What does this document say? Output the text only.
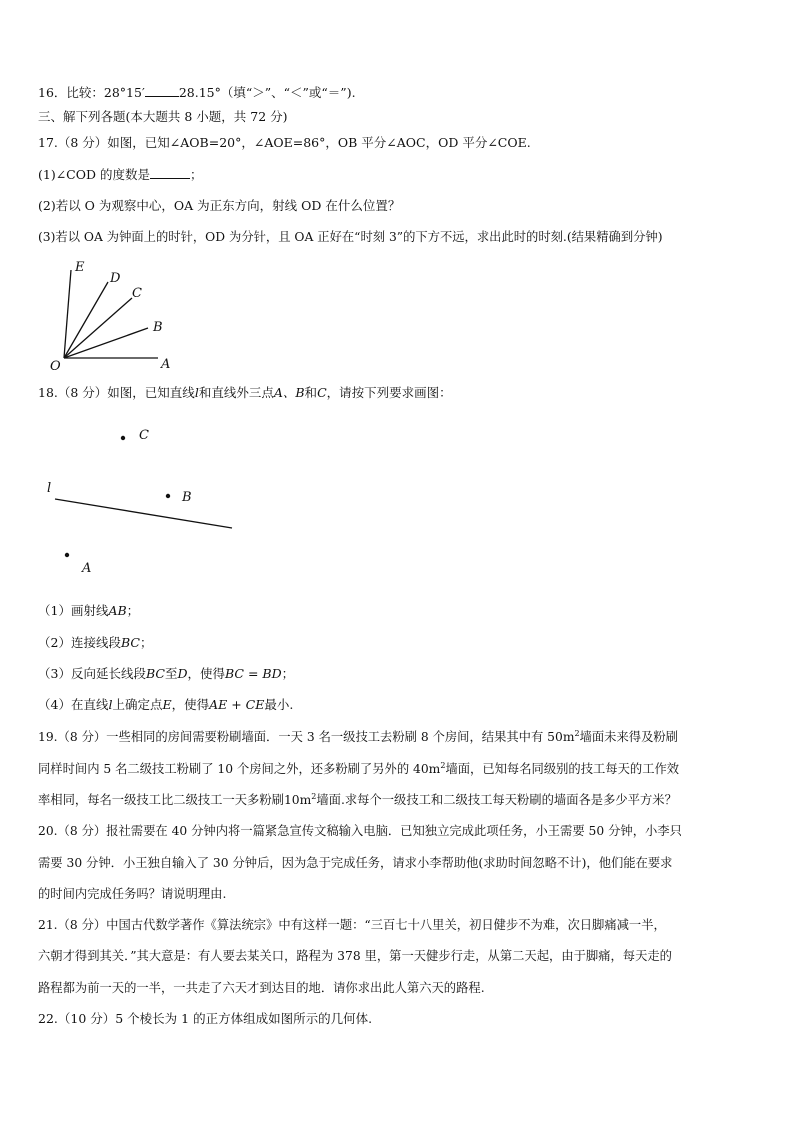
16．比较：28°15′	28.15°（填“＞”、“＜”或“＝”).
三、解下列各题(本大题共 8 小题，共 72 分)
17.（8 分）如图，已知∠AOB=20°，∠AOE=86°，OB 平分∠AOC，OD 平分∠COE.
(1)∠COD 的度数是	；
(2)若以 O 为观察中心，OA 为正东方向，射线 OD 在什么位置？
(3)若以 OA 为钟面上的时针，OD 为分针，且 OA 正好在“时刻 3”的下方不远，求出此时的时刻.(结果精确到分钟)
E
D
C
B
O	A
18.（8 分）如图，已知直线l和直线外三点A、B和C，请按下列要求画图：
C
l
B
A
（1）画射线AB；
（2）连接线段BC；
（3）反向延长线段BC至D，使得BC = BD；
（4）在直线l上确定点E，使得AE + CE最小.
19.（8 分）一些相同的房间需要粉刷墙面．一天 3 名一级技工去粉刷 8 个房间，结果其中有 $50m^2$墙面未来得及粉刷
同样时间内 5 名二级技工粉刷了 10 个房间之外，还多粉刷了另外的 $40m^2$墙面，已知每名同级别的技工每天的工作效
率相同，每名一级技工比二级技工一天多粉刷$10m^2$墙面.求每个一级技工和二级技工每天粉刷的墙面各是多少平方米？
20.（8 分）报社需要在 40 分钟内将一篇紧急宣传文稿输入电脑．已知独立完成此项任务，小王需要 50 分钟，小李只
需要 30 分钟．小王独自输入了 30 分钟后，因为急于完成任务，请求小李帮助他(求助时间忽略不计)，他们能在要求
的时间内完成任务吗？请说明理由.
21.（8 分）中国古代数学著作《算法统宗》中有这样一题：“三百七十八里关，初日健步不为难，次日脚痛减一半，
六朝才得到其关．”其大意是：有人要去某关口，路程为 378 里，第一天健步行走，从第二天起，由于脚痛，每天走的
路程都为前一天的一半，一共走了六天才到达目的地．请你求出此人第六天的路程.
22.（10 分）5 个棱长为 1 的正方体组成如图所示的几何体.
